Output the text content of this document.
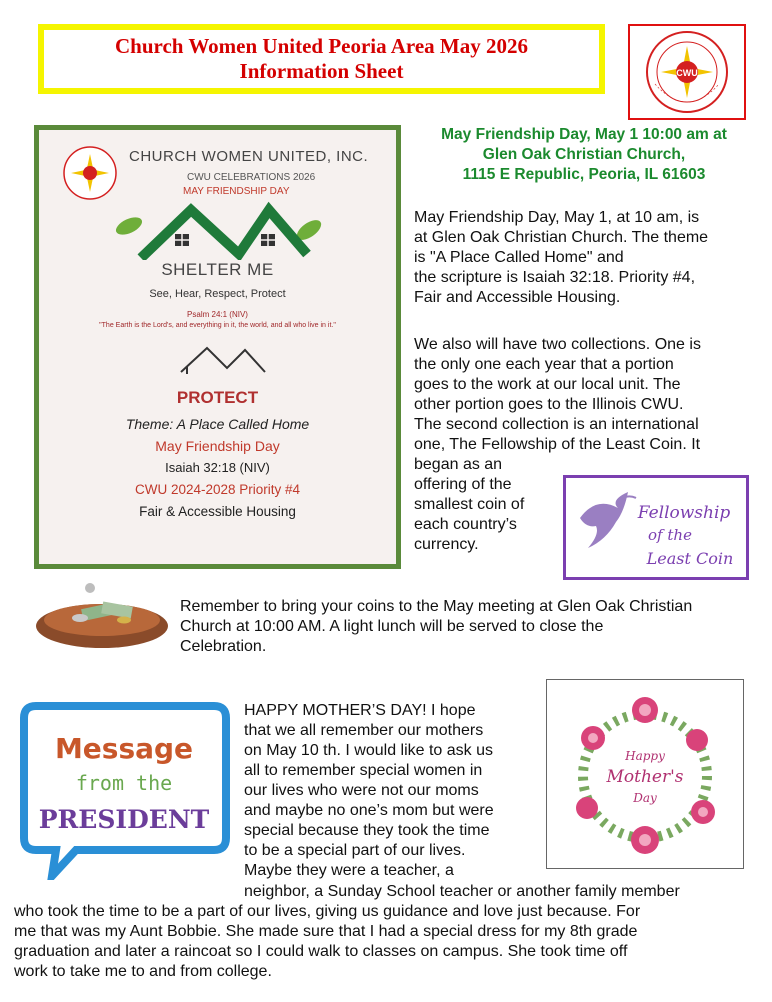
Church Women United Peoria Area May 2026
Information Sheet	CWU
CHURCH WOMEN UNITED, INC.
CWU CELEBRATIONS 2026
MAY FRIENDSHIP DAY
SHELTER ME
See, Hear, Respect, Protect
Psalm 24:1 (NIV)
"The Earth is the Lord's, and everything in it, the world, and all who live in it."
PROTECT
Theme: A Place Called Home
May Friendship Day
Isaiah 32:18 (NIV)
CWU 2024-2028 Priority #4
Fair & Accessible Housing
May Friendship Day, May 1 10:00 am at
Glen Oak Christian Church,
1115 E Republic, Peoria, IL 61603
May Friendship Day, May 1, at 10 am, is
at Glen Oak Christian Church. The theme
is "A Place Called Home" and
the scripture is Isaiah 32:18. Priority #4,
Fair and Accessible Housing.
We also will have two collections. One is
the only one each year that a portion
goes to the work at our local unit. The
other portion goes to the Illinois CWU.
The second collection is an international
one, The Fellowship of the Least Coin. It
began as an
offering of the
smallest coin of
each country’s
currency.
Fellowship
of the
Least Coin
Remember to bring your coins to the May meeting at Glen Oak Christian
Church at 10:00 AM. A light lunch will be served to close the
Celebration.
Message
from the
PRESIDENT
Happy
Mother's
Day
HAPPY MOTHER’S DAY! I hope
that we all remember our mothers
on May 10 th. I would like to ask us
all to remember special women in
our lives who were not our moms
and maybe no one’s mom but were
special because they took the time
to be a special part of our lives.
Maybe they were a teacher, a
neighbor, a Sunday School teacher or another family member
who took the time to be a part of our lives, giving us guidance and love just because. For
me that was my Aunt Bobbie. She made sure that I had a special dress for my 8th grade
graduation and later a raincoat so I could walk to classes on campus. She took time off
work to take me to and from college.
